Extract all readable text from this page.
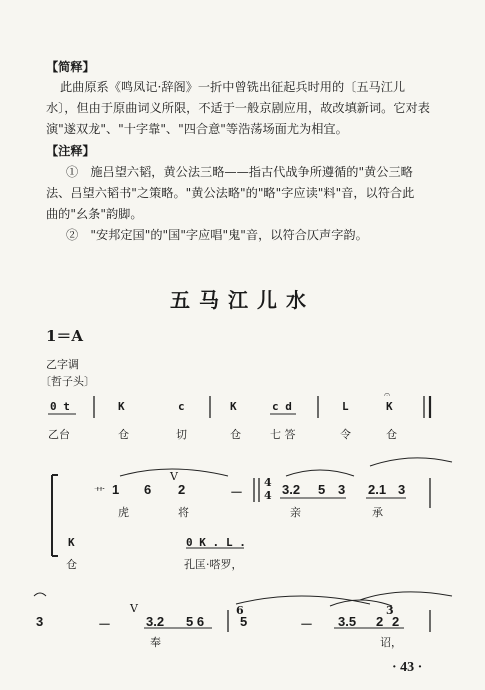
【简释】
此曲原系《鸣凤记·辞阁》一折中曾铣出征起兵时用的〔五马江儿
水〕，但由于原曲词义所限，不适于一般京剧应用，故改填新词。它对表
演"遂双龙"、"十字靠"、"四合意"等浩荡场面尤为相宜。
【注释】
①　施吕望六韬，黄公法三略——指古代战争所遵循的"黄公三略
法、吕望六韬书"之策略。"黄公法略"的"略"字应读"料"音，以符合此
曲的"幺条"韵脚。
②　"安邦定国"的"国"字应唱"鬼"音，以符合仄声字韵。
五马江儿水
1＝A
乙字调
〔哲子头〕
0 t	K	c	K	c d	L
𝄐
K
乙台	仓	切	仓	七 答	令	仓
艹 1 6
V
2	－
4
4 3.2 5 3 2.1 3
虎	将	亲	承
K	0 K . L .
仓	孔匡·嗒罗，
3	－
V
3.2 5 6
6
5	－ 3.5
3
2 2
奉	诏，
· 43 ·
